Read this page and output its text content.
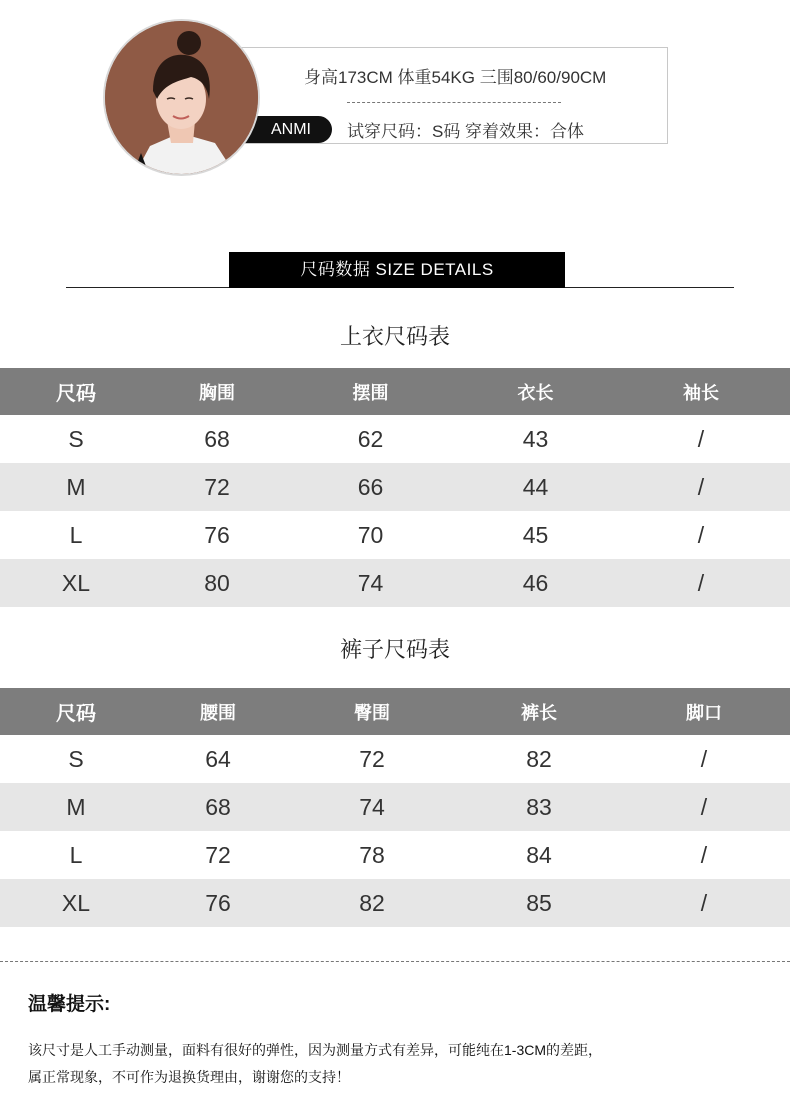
身高173CM 体重54KG 三围80/60/90CM
试穿尺码：S码 穿着效果：合体
ANMI
尺码数据 SIZE DETAILS
上衣尺码表
尺码	胸围	摆围	衣长	袖长
S	68	62	43	/
M	72	66	44	/
L	76	70	45	/
XL	80	74	46	/
裤子尺码表
尺码	腰围	臀围	裤长	脚口
S	64	72	82	/
M	68	74	83	/
L	72	78	84	/
XL	76	82	85	/
温馨提示:
该尺寸是人工手动测量，面料有很好的弹性，因为测量方式有差异，可能纯在1-3CM的差距，
属正常现象，不可作为退换货理由，谢谢您的支持！
